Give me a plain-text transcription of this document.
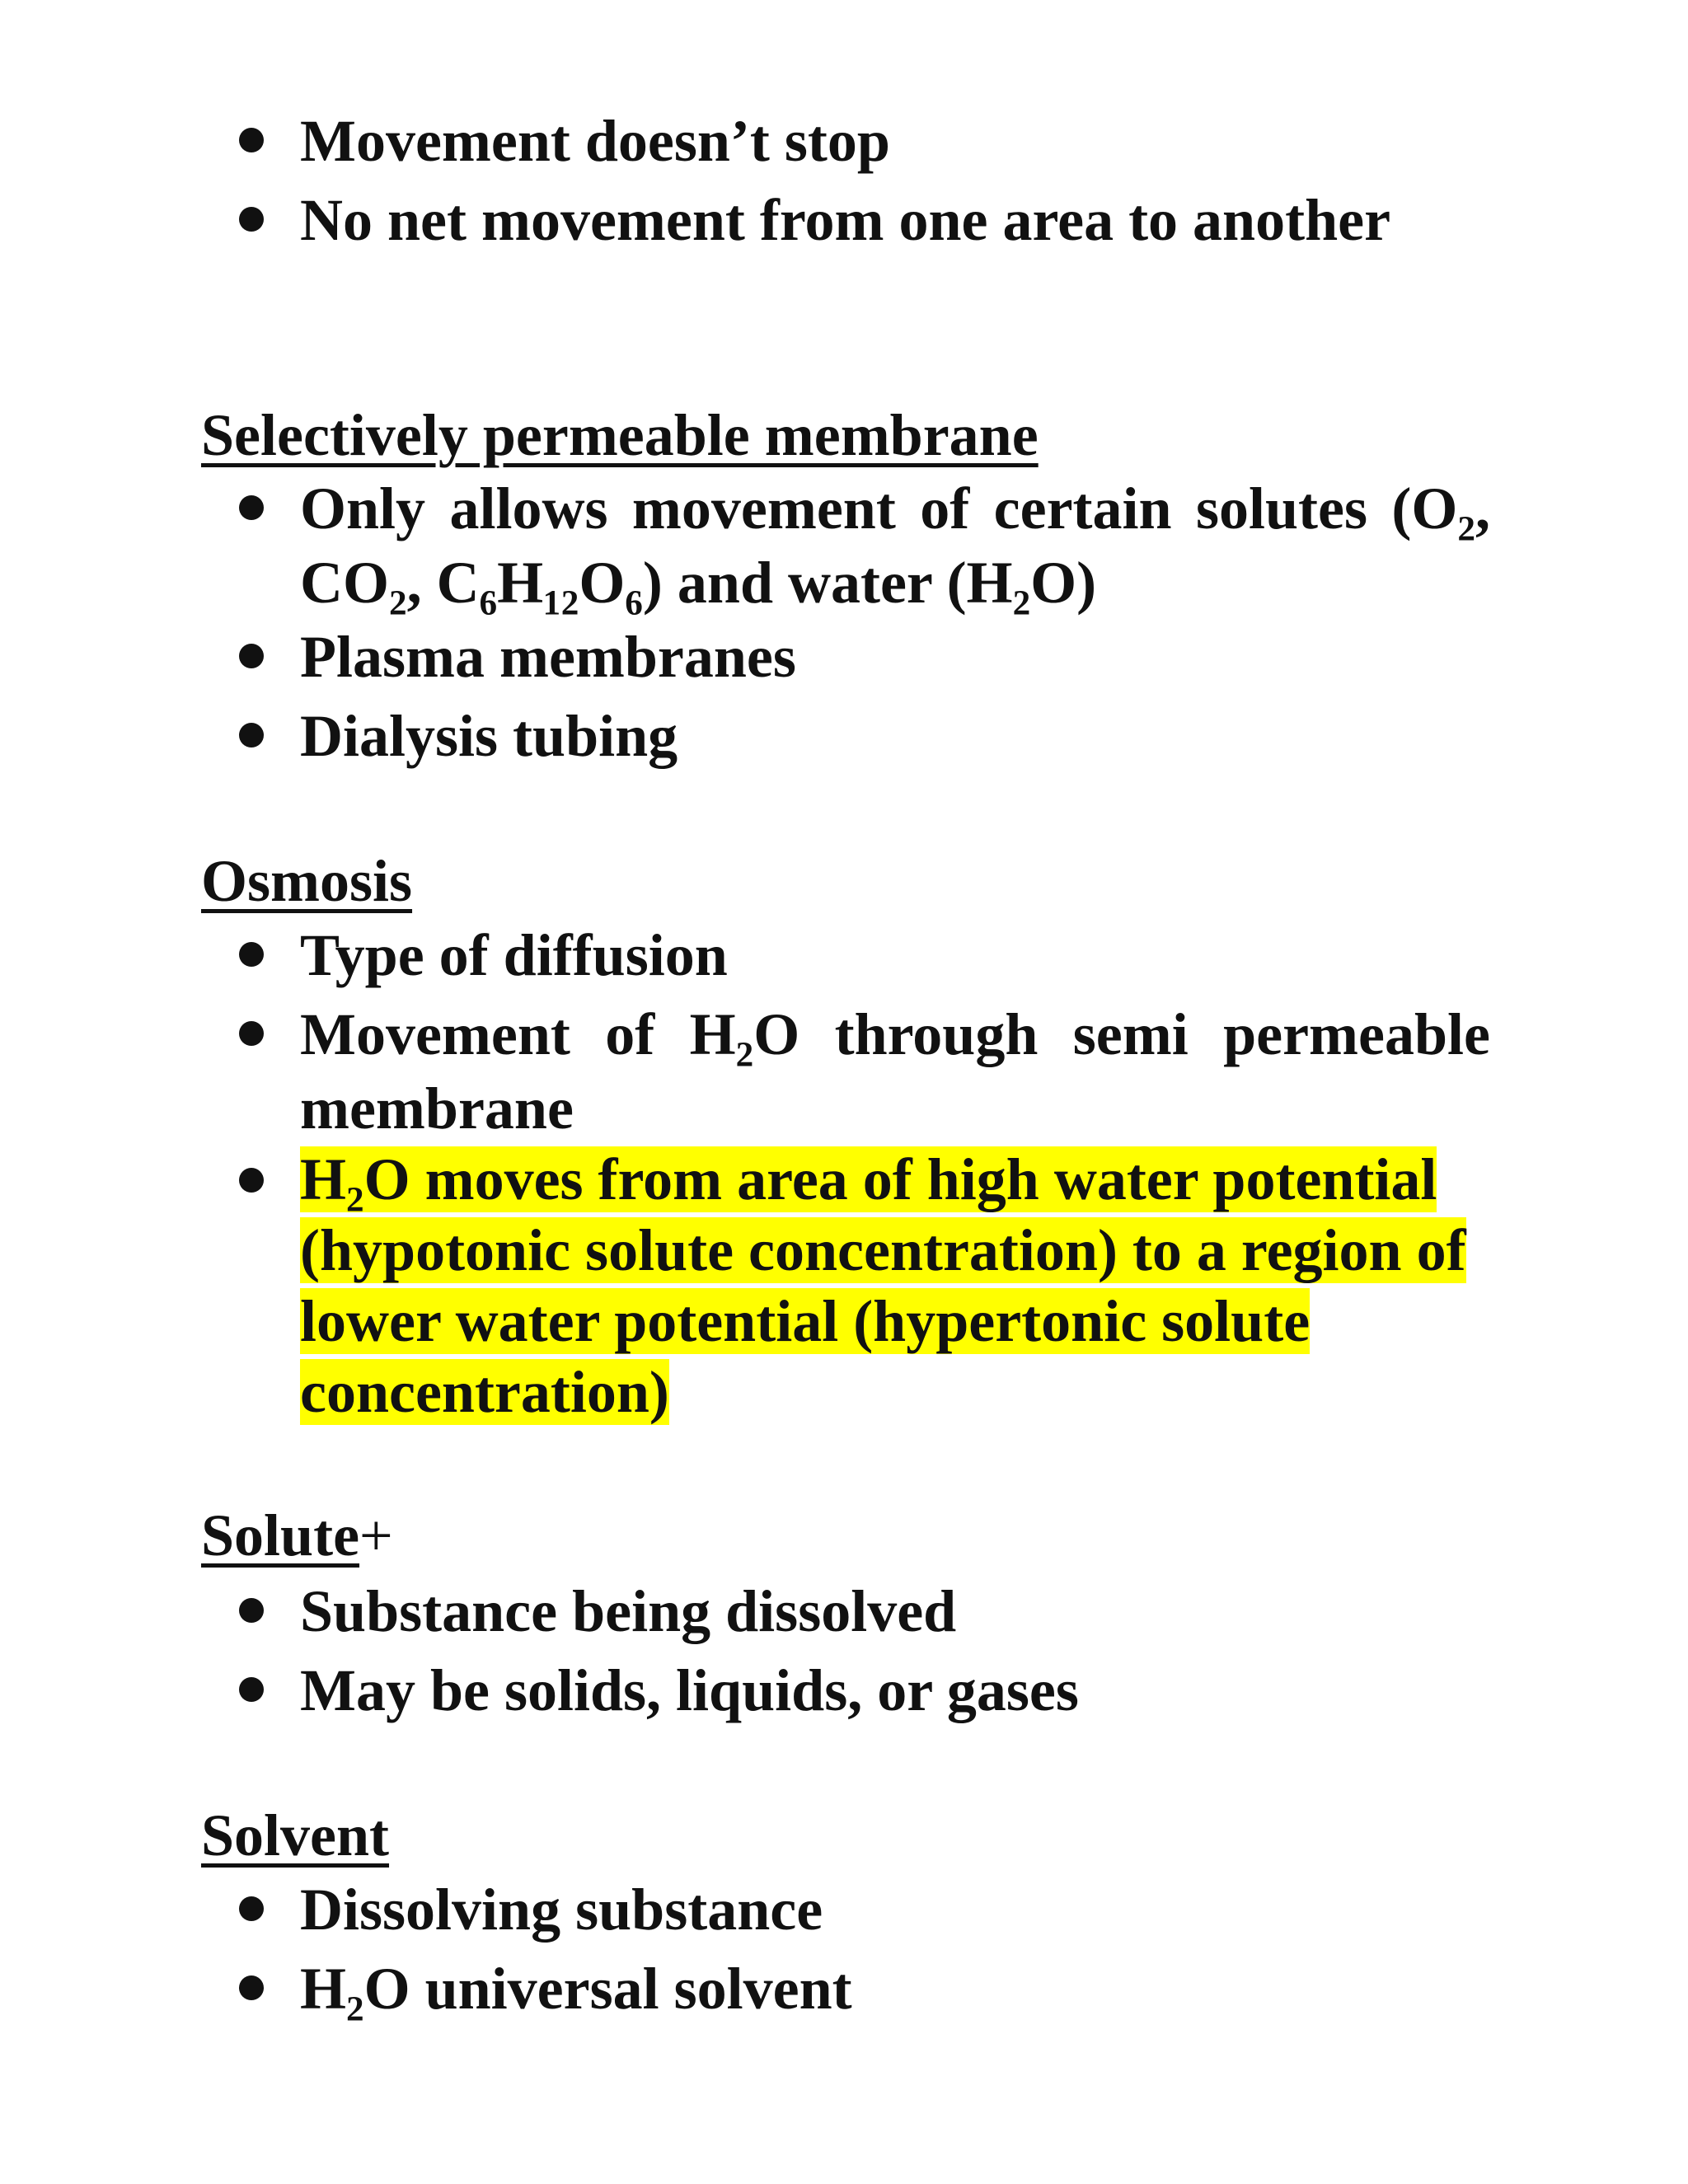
Movement doesn’t stop
No net movement from one area to another
Selectively permeable membrane
Only allows movement of certain solutes (O₂, CO₂, C₆H₁₂O₆) and water (H₂O)
Plasma membranes
Dialysis tubing
Osmosis
Type of diffusion
Movement of H₂O through semi permeable membrane
H₂O moves from area of high water potential (hypotonic solute concentration) to a region of lower water potential (hypertonic solute concentration)
Solute+
Substance being dissolved
May be solids, liquids, or gases
Solvent
Dissolving substance
H₂O universal solvent
